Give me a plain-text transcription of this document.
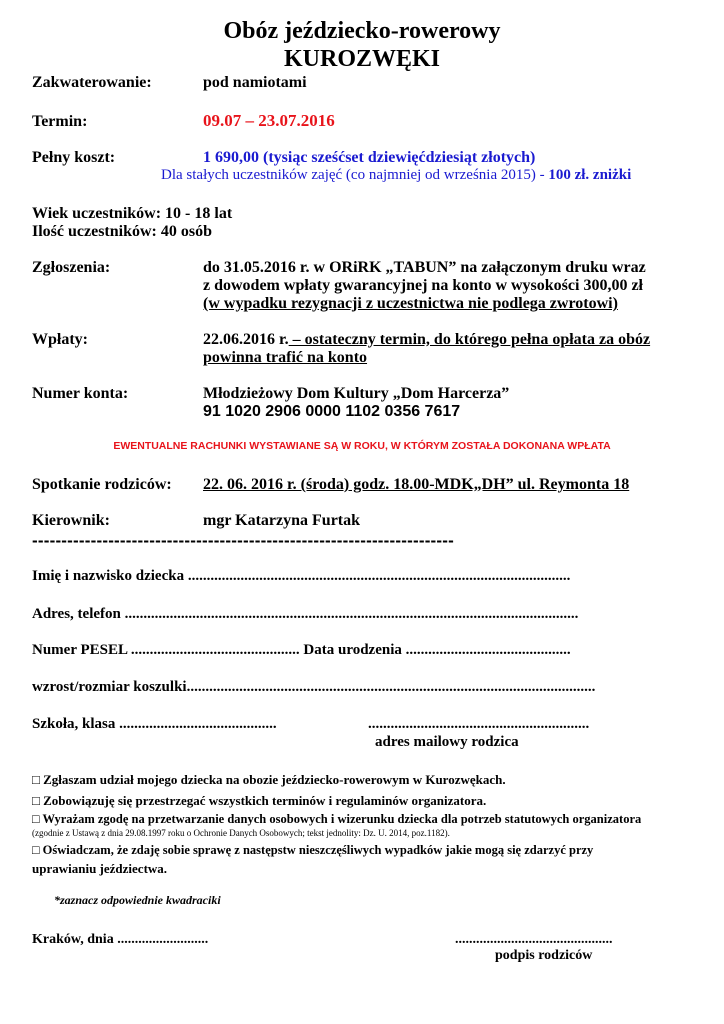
Obóz jeździecko-rowerowy
KUROZWĘKI
Zakwaterowanie:	pod namiotami
Termin:	09.07 – 23.07.2016
Pełny koszt:	1 690,00 (tysiąc sześćset dziewięćdziesiąt złotych)
Dla stałych uczestników zajęć (co najmniej od września 2015) - 100 zł. zniżki
Wiek uczestników: 10 - 18 lat
Ilość uczestników: 40 osób
Zgłoszenia:	do 31.05.2016 r. w ORiRK „TABUN” na załączonym druku wraz
z dowodem wpłaty gwarancyjnej na konto w wysokości 300,00 zł
(w wypadku rezygnacji z uczestnictwa nie podlega zwrotowi)
Wpłaty:	22.06.2016 r. – ostateczny termin, do którego pełna opłata za obóz
powinna trafić na konto
Numer konta:	Młodzieżowy Dom Kultury „Dom Harcerza”
91 1020 2906 0000 1102 0356 7617
EWENTUALNE RACHUNKI WYSTAWIANE SĄ W ROKU, W KTÓRYM ZOSTAŁA DOKONANA WPŁATA
Spotkanie rodziców: 22. 06. 2016 r. (środa) godz. 18.00-MDK„DH” ul. Reymonta 18
Kierownik:	mgr Katarzyna Furtak
------------------------------------------------------------------------
Imię i nazwisko dziecka ......................................................................................................
Adres, telefon .........................................................................................................................
Numer PESEL ............................................. Data urodzenia ............................................
wzrost/rozmiar koszulki.............................................................................................................
Szkoła, klasa ..........................................	...........................................................
adres mailowy rodzica
□ Zgłaszam udział mojego dziecka na obozie jeździecko-rowerowym w Kurozwękach.
□ Zobowiązuję się przestrzegać wszystkich terminów i regulaminów organizatora.
□ Wyrażam zgodę na przetwarzanie danych osobowych i wizerunku dziecka dla potrzeb statutowych organizatora
(zgodnie z Ustawą z dnia 29.08.1997 roku o Ochronie Danych Osobowych; tekst jednolity: Dz. U. 2014, poz.1182).
□ Oświadczam, że zdaję sobie sprawę z następstw nieszczęśliwych wypadków jakie mogą się zdarzyć przy
uprawianiu jeździectwa.
*zaznacz odpowiednie kwadraciki
Kraków, dnia ..........................	.............................................
podpis rodziców
